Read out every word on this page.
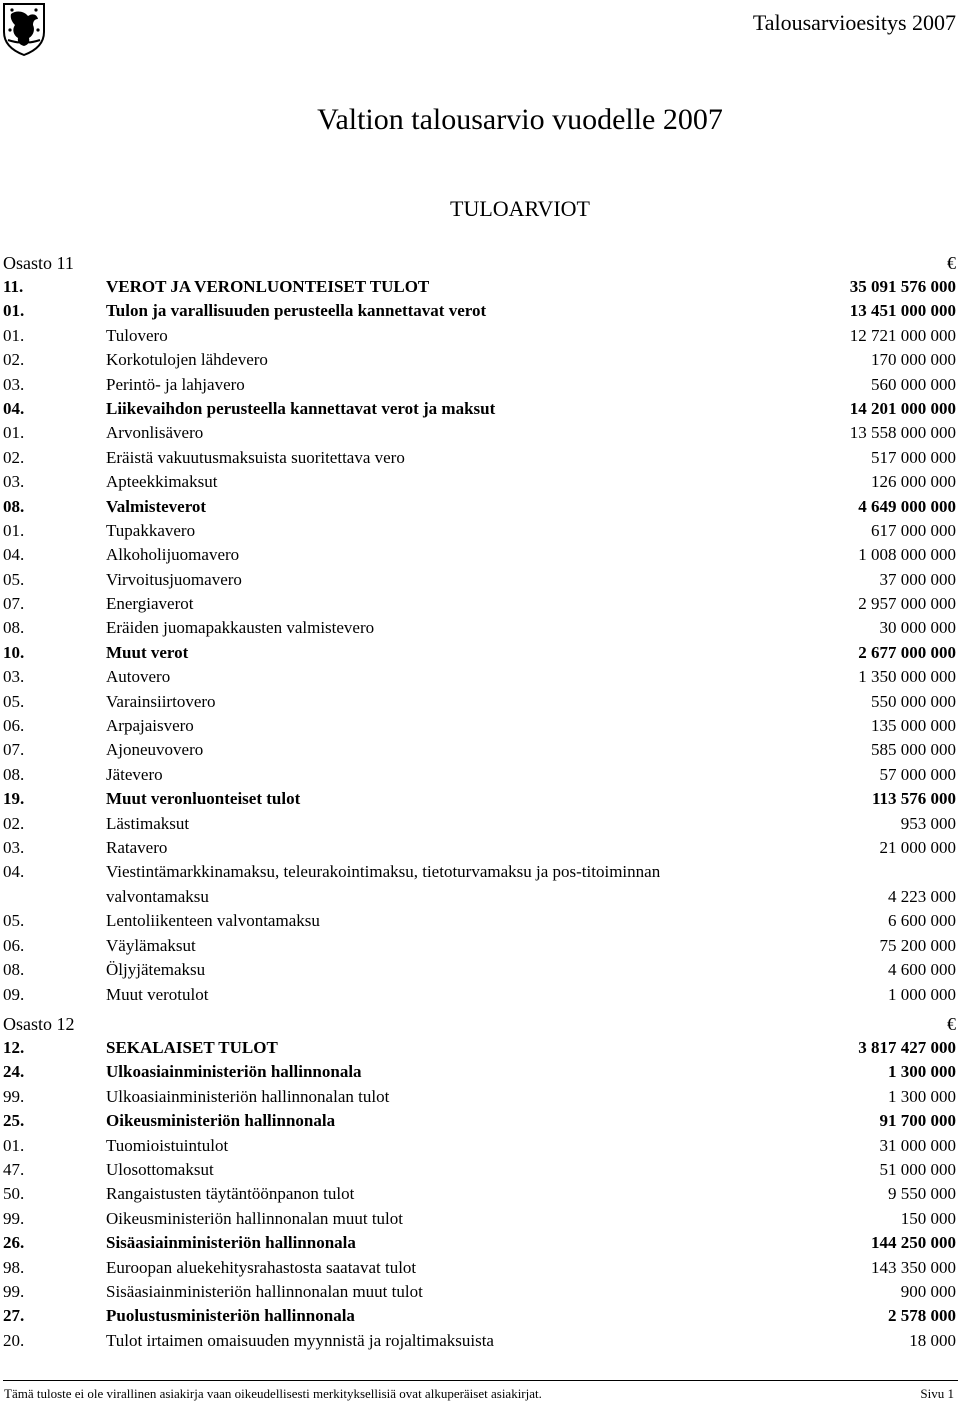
Talousarvioesitys 2007
Valtion talousarvio vuodelle 2007
TULOARVIOT
Osasto 11	€
11.	VEROT JA VERONLUONTEISET TULOT	35 091 576 000
01.	Tulon ja varallisuuden perusteella kannettavat verot	13 451 000 000
01.	Tulovero	12 721 000 000
02.	Korkotulojen lähdevero	170 000 000
03.	Perintö- ja lahjavero	560 000 000
04.	Liikevaihdon perusteella kannettavat verot ja maksut	14 201 000 000
01.	Arvonlisävero	13 558 000 000
02.	Eräistä vakuutusmaksuista suoritettava vero	517 000 000
03.	Apteekkimaksut	126 000 000
08.	Valmisteverot	4 649 000 000
01.	Tupakkavero	617 000 000
04.	Alkoholijuomavero	1 008 000 000
05.	Virvoitusjuomavero	37 000 000
07.	Energiaverot	2 957 000 000
08.	Eräiden juomapakkausten valmistevero	30 000 000
10.	Muut verot	2 677 000 000
03.	Autovero	1 350 000 000
05.	Varainsiirtovero	550 000 000
06.	Arpajaisvero	135 000 000
07.	Ajoneuvovero	585 000 000
08.	Jätevero	57 000 000
19.	Muut veronluonteiset tulot	113 576 000
02.	Lästimaksut	953 000
03.	Ratavero	21 000 000
04.	Viestintämarkkinamaksu, teleurakointimaksu, tietoturvamaksu ja pos-titoiminnan valvontamaksu	4 223 000
05.	Lentoliikenteen valvontamaksu	6 600 000
06.	Väylämaksut	75 200 000
08.	Öljyjätemaksu	4 600 000
09.	Muut verotulot	1 000 000
Osasto 12	€
12.	SEKALAISET TULOT	3 817 427 000
24.	Ulkoasiainministeriön hallinnonala	1 300 000
99.	Ulkoasiainministeriön hallinnonalan tulot	1 300 000
25.	Oikeusministeriön hallinnonala	91 700 000
01.	Tuomioistuintulot	31 000 000
47.	Ulosottomaksut	51 000 000
50.	Rangaistusten täytäntöönpanon tulot	9 550 000
99.	Oikeusministeriön hallinnonalan muut tulot	150 000
26.	Sisäasiainministeriön hallinnonala	144 250 000
98.	Euroopan aluekehitysrahastosta saatavat tulot	143 350 000
99.	Sisäasiainministeriön hallinnonalan muut tulot	900 000
27.	Puolustusministeriön hallinnonala	2 578 000
20.	Tulot irtaimen omaisuuden myynnistä ja rojaltimaksuista	18 000
Tämä tuloste ei ole virallinen asiakirja vaan oikeudellisesti merkityksellisiä ovat alkuperäiset asiakirjat.	Sivu 1
